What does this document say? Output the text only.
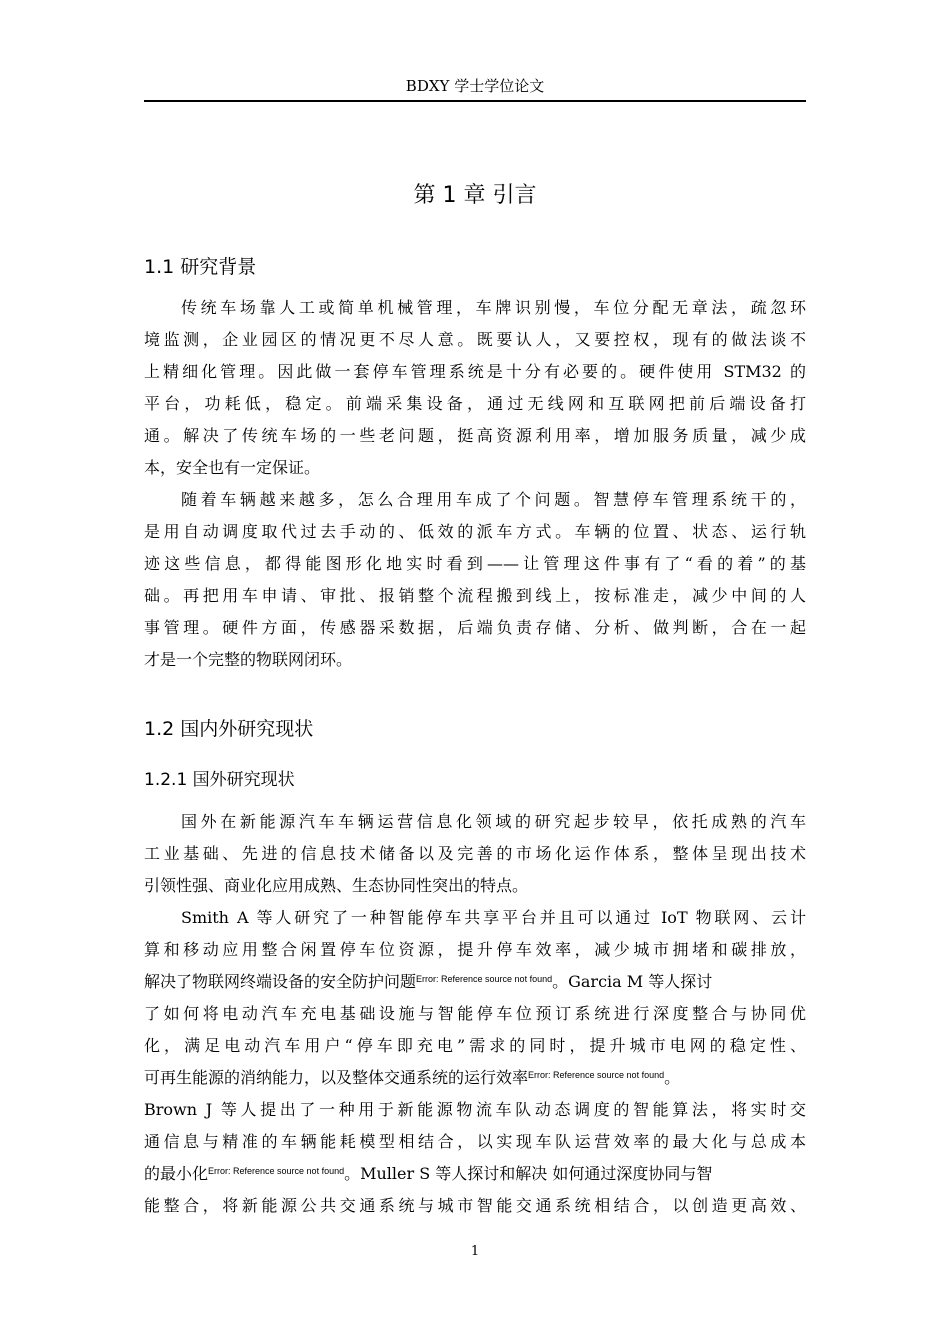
BDXY 学士学位论文
第 1 章 引言
1.1 研究背景
传统车场靠人工或简单机械管理，车牌识别慢，车位分配无章法，疏忽环
境监测，企业园区的情况更不尽人意。既要认人，又要控权，现有的做法谈不
上精细化管理。因此做一套停车管理系统是十分有必要的。硬件使用 STM32 的
平台，功耗低，稳定。前端采集设备，通过无线网和互联网把前后端设备打
通。解决了传统车场的一些老问题，挺高资源利用率，增加服务质量，减少成
本，安全也有一定保证。
随着车辆越来越多，怎么合理用车成了个问题。智慧停车管理系统干的，
是用自动调度取代过去手动的、低效的派车方式。车辆的位置、状态、运行轨
迹这些信息，都得能图形化地实时看到——让管理这件事有了“看的着”的基
础。再把用车申请、审批、报销整个流程搬到线上，按标准走，减少中间的人
事管理。硬件方面，传感器采数据，后端负责存储、分析、做判断，合在一起
才是一个完整的物联网闭环。
1.2 国内外研究现状
1.2.1 国外研究现状
国外在新能源汽车车辆运营信息化领域的研究起步较早，依托成熟的汽车
工业基础、先进的信息技术储备以及完善的市场化运作体系，整体呈现出技术
引领性强、商业化应用成熟、生态协同性突出的特点。
Smith A 等人研究了一种智能停车共享平台并且可以通过 IoT 物联网、云计
算和移动应用整合闲置停车位资源，提升停车效率，减少城市拥堵和碳排放，
解决了物联网终端设备的安全防护问题$^{Error: Reference source not found}$。Garcia M 等人探讨
了如何将电动汽车充电基础设施与智能停车位预订系统进行深度整合与协同优
化，满足电动汽车用户“停车即充电”需求的同时，提升城市电网的稳定性、
可再生能源的消纳能力，以及整体交通系统的运行效率$^{Error: Reference source not found}$。
Brown J 等人提出了一种用于新能源物流车队动态调度的智能算法，将实时交
通信息与精准的车辆能耗模型相结合，以实现车队运营效率的最大化与总成本
的最小化$^{Error: Reference source not found}$。Muller S 等人探讨和解决 如何通过深度协同与智
能整合，将新能源公共交通系统与城市智能交通系统相结合，以创造更高效、
1
